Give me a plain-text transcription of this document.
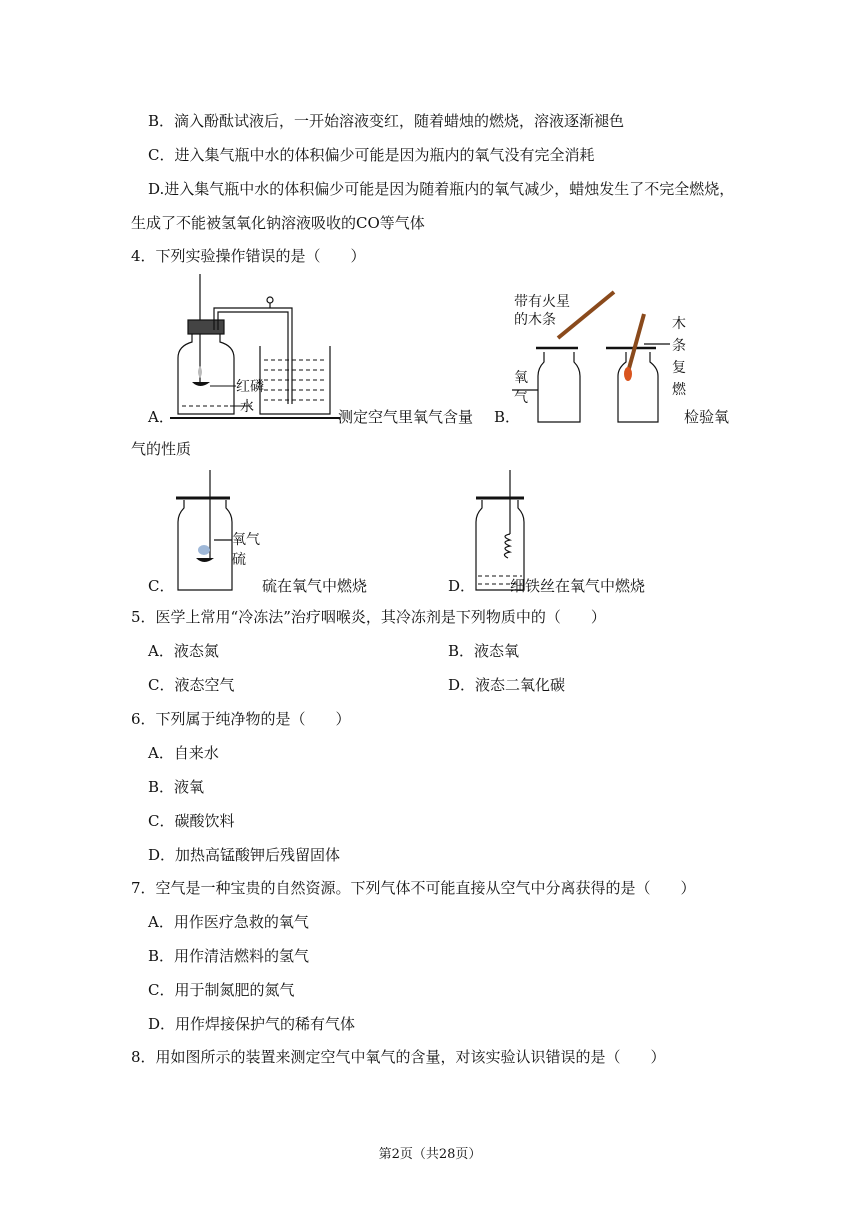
B．滴入酚酞试液后，一开始溶液变红，随着蜡烛的燃烧，溶液逐渐褪色
C．进入集气瓶中水的体积偏少可能是因为瓶内的氧气没有完全消耗
D.进入集气瓶中水的体积偏少可能是因为随着瓶内的氧气减少，蜡烛发生了不完全燃烧，
生成了不能被氢氧化钠溶液吸收的CO等气体
4．下列实验操作错误的是（　　）
红磷
水
A．	测定空气里氧气含量
带有火星
的木条
氧
气
木
条
复
燃
B．	检验氧
气的性质
氧气
硫
C．	硫在氧气中燃烧	D． 细铁丝在氧气中燃烧
5．医学上常用“冷冻法”治疗咽喉炎，其冷冻剂是下列物质中的（　　）
A．液态氮	B．液态氧
C．液态空气	D．液态二氧化碳
6．下列属于纯净物的是（　　）
A．自来水
B．液氧
C．碳酸饮料
D．加热高锰酸钾后残留固体
7．空气是一种宝贵的自然资源。下列气体不可能直接从空气中分离获得的是（　　）
A．用作医疗急救的氧气
B．用作清洁燃料的氢气
C．用于制氮肥的氮气
D．用作焊接保护气的稀有气体
8．用如图所示的装置来测定空气中氧气的含量，对该实验认识错误的是（　　）
第2页（共28页）
